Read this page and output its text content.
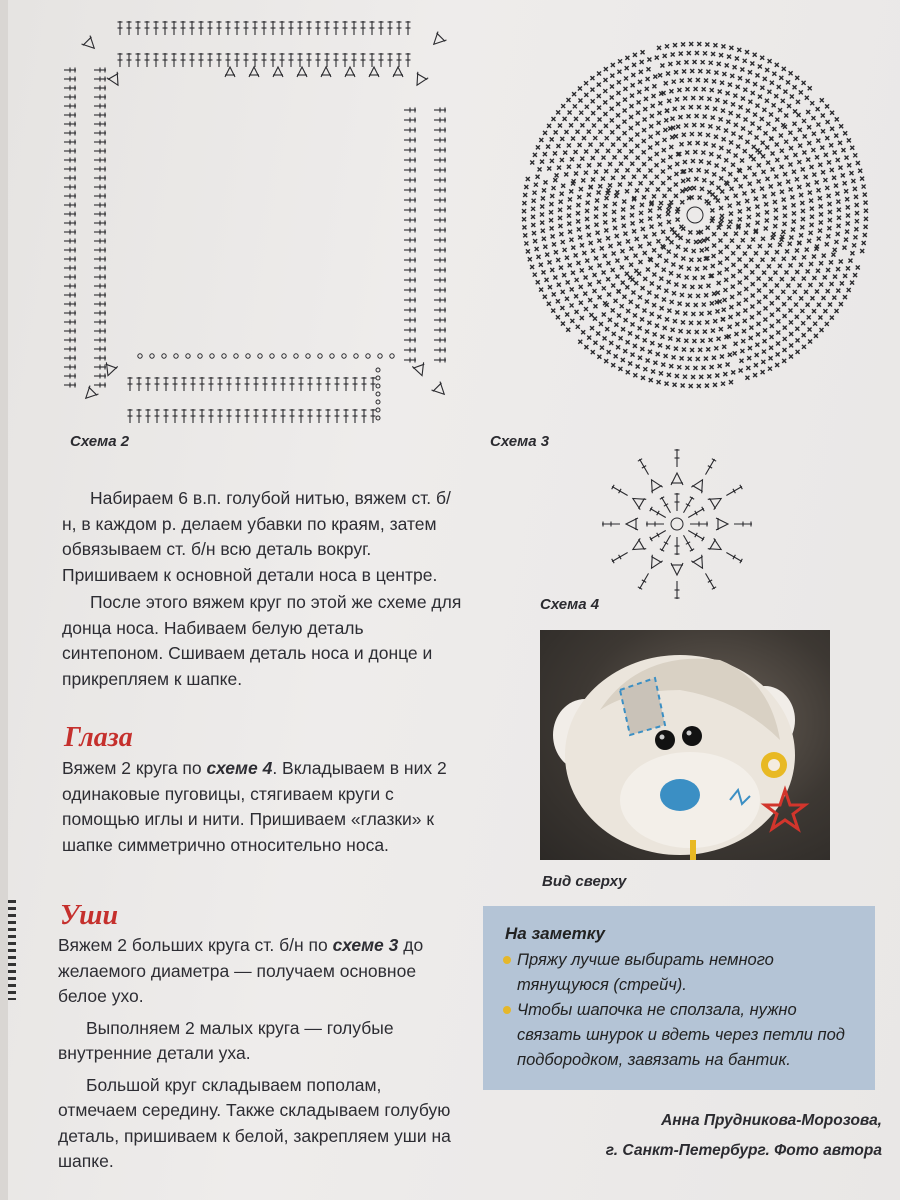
Схема 2	Схема 3
Схема 4

Набираем 6 в.п. голубой нитью, вяжем ст. б/н, в каждом р. делаем убавки по краям, затем обвязываем ст. б/н всю деталь вокруг. Пришиваем к основной детали носа в центре.

После этого вяжем круг по этой же схеме для донца носа. Набиваем белую деталь синтепоном. Сшиваем деталь носа и донце и прикрепляем к шапке.

Глаза

Вяжем 2 круга по схеме 4. Вкладываем в них 2 одинаковые пуговицы, стягиваем круги с помощью иглы и нити. Пришиваем «глазки» к шапке симметрично относительно носа.

Уши

Вяжем 2 больших круга ст. б/н по схеме 3 до желаемого диаметра — получаем основное белое ухо.

Выполняем 2 малых круга — голубые внутренние детали уха.

Большой круг складываем пополам, отмечаем середину. Также складываем голубую деталь, пришиваем к белой, закрепляем уши на шапке.

Вид сверху
На заметку
Пряжу лучше выбирать немного тянущуюся (стрейч).
Чтобы шапочка не сползала, нужно связать шнурок и вдеть через петли под подбородком, завязать на бантик.
Анна Прудникова-Морозова,
г. Санкт-Петербург. Фото автора
